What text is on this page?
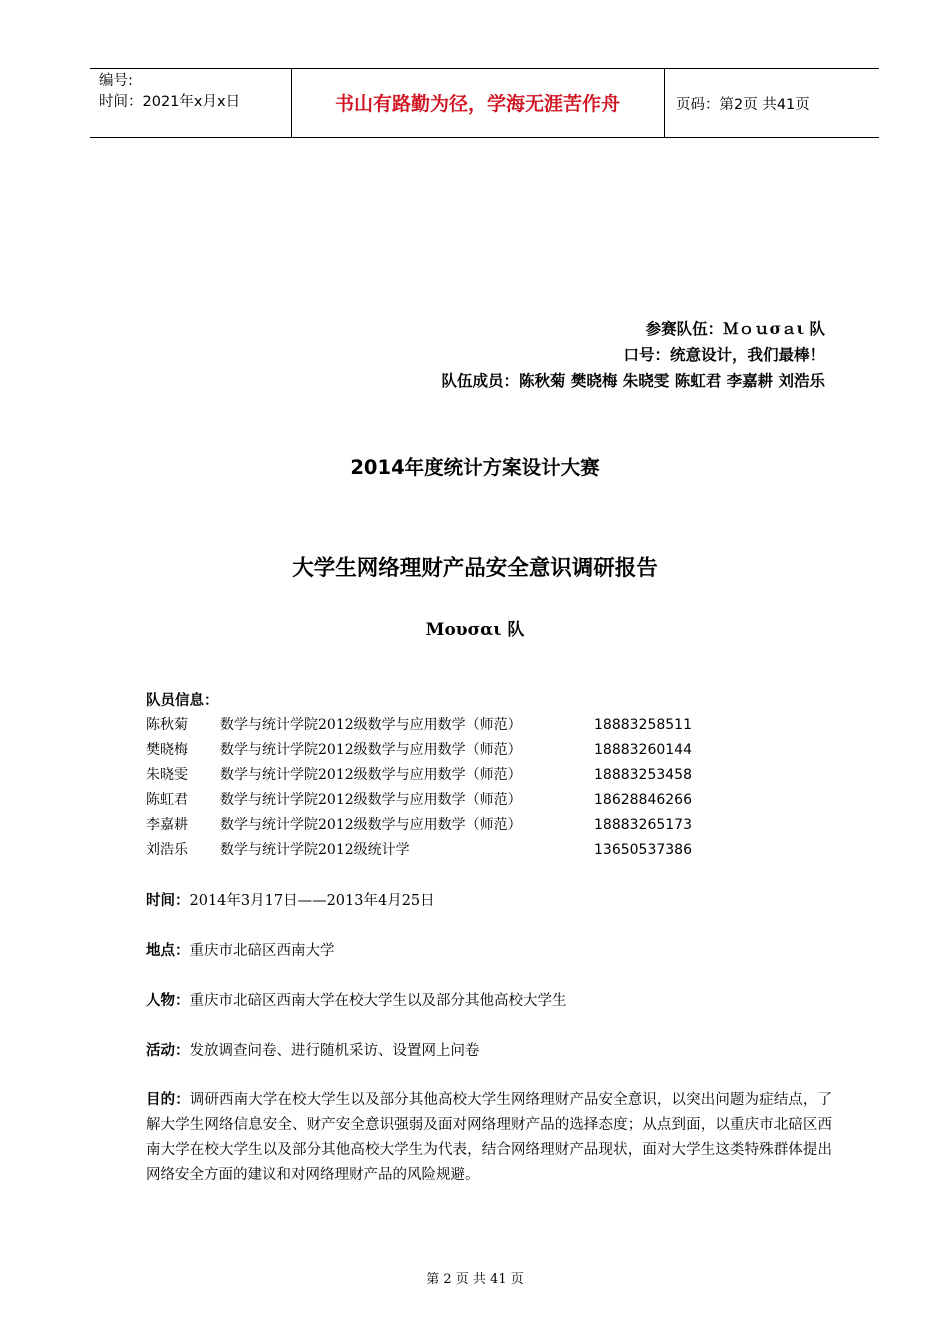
编号:
时间：2021年x月x日	书山有路勤为径，学海无涯苦作舟	页码：第2页 共41页
参赛队伍：Ｍｏｕσａι 队
口号：统意设计，我们最棒！
队伍成员：陈秋菊 樊晓梅 朱晓雯 陈虹君 李嘉耕 刘浩乐
2014年度统计方案设计大赛
大学生网络理财产品安全意识调研报告
Μουσαι 队
队员信息：
陈秋菊 数学与统计学院2012级数学与应用数学（师范）	18883258511
樊晓梅 数学与统计学院2012级数学与应用数学（师范）	18883260144
朱晓雯 数学与统计学院2012级数学与应用数学（师范）	18883253458
陈虹君 数学与统计学院2012级数学与应用数学（师范）	18628846266
李嘉耕 数学与统计学院2012级数学与应用数学（师范）	18883265173
刘浩乐 数学与统计学院2012级统计学	13650537386
时间：2014年3月17日——2013年4月25日
地点：重庆市北碚区西南大学
人物：重庆市北碚区西南大学在校大学生以及部分其他高校大学生
活动：发放调查问卷、进行随机采访、设置网上问卷
目的：调研西南大学在校大学生以及部分其他高校大学生网络理财产品安全意识，以突出问题为症结点，了解大学生网络信息安全、财产安全意识强弱及面对网络理财产品的选择态度；从点到面，以重庆市北碚区西南大学在校大学生以及部分其他高校大学生为代表，结合网络理财产品现状，面对大学生这类特殊群体提出网络安全方面的建议和对网络理财产品的风险规避。
第 2 页 共 41 页
